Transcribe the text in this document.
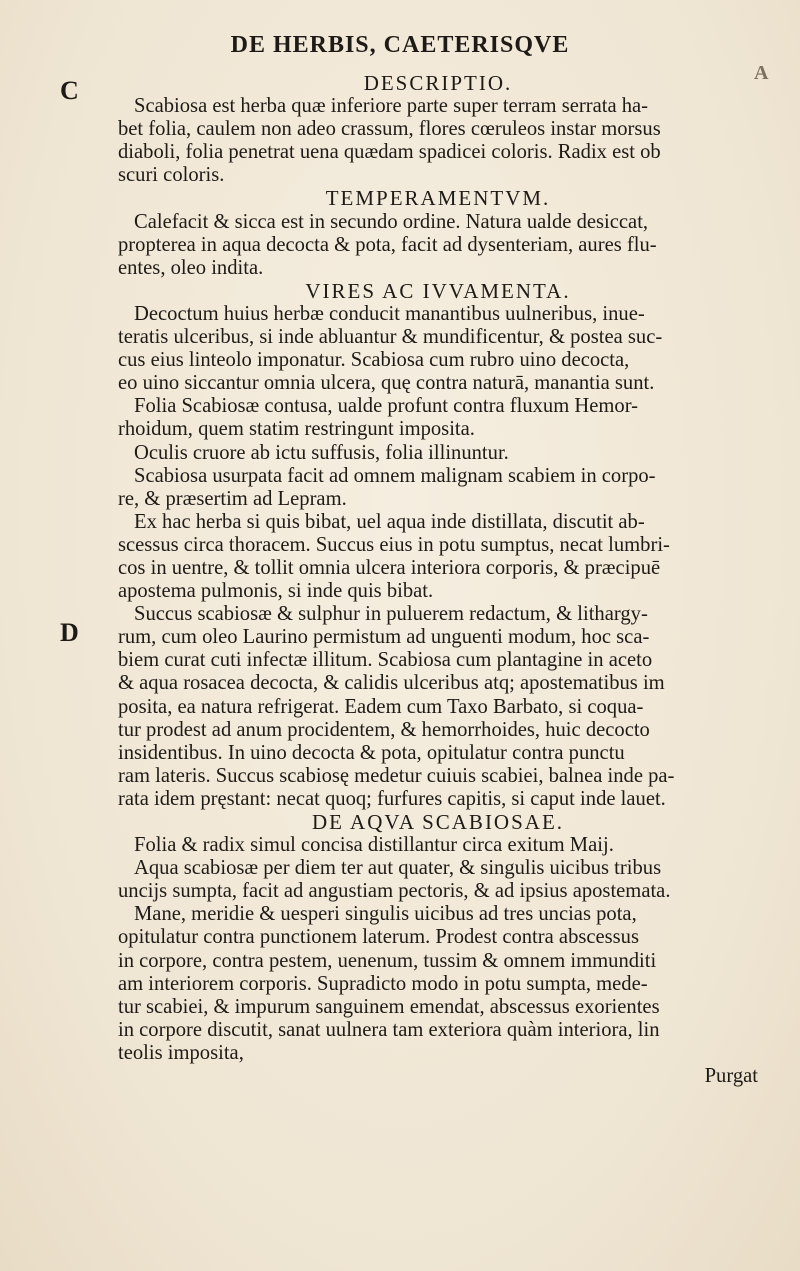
DE HERBIS, CAETERISQVE
C
D
A
DESCRIPTIO.
Scabiosa est herba quæ inferiore parte super terram serrata ha-
bet folia, caulem non adeo crassum, flores cœruleos instar morsus
diaboli, folia penetrat uena quædam spadicei coloris. Radix est ob
scuri coloris.
TEMPERAMENTVM.
Calefacit & sicca est in secundo ordine. Natura ualde desiccat,
propterea in aqua decocta & pota, facit ad dysenteriam, aures flu-
entes, oleo indita.
VIRES AC IVVAMENTA.
Decoctum huius herbæ conducit manantibus uulneribus, inue-
teratis ulceribus, si inde abluantur & mundificentur, & postea suc-
cus eius linteolo imponatur. Scabiosa cum rubro uino decocta,
eo uino siccantur omnia ulcera, quę contra naturā, manantia sunt.
Folia Scabiosæ contusa, ualde profunt contra fluxum Hemor-
rhoidum, quem statim restringunt imposita.
Oculis cruore ab ictu suffusis, folia illinuntur.
Scabiosa usurpata facit ad omnem malignam scabiem in corpo-
re, & præsertim ad Lepram.
Ex hac herba si quis bibat, uel aqua inde distillata, discutit ab-
scessus circa thoracem. Succus eius in potu sumptus, necat lumbri-
cos in uentre, & tollit omnia ulcera interiora corporis, & præcipuē
apostema pulmonis, si inde quis bibat.
Succus scabiosæ & sulphur in puluerem redactum, & lithargy-
rum, cum oleo Laurino permistum ad unguenti modum, hoc sca-
biem curat cuti infectæ illitum. Scabiosa cum plantagine in aceto
& aqua rosacea decocta, & calidis ulceribus atq; apostematibus im
posita, ea natura refrigerat. Eadem cum Taxo Barbato, si coqua-
tur prodest ad anum procidentem, & hemorrhoides, huic decocto
insidentibus. In uino decocta & pota, opitulatur contra punctu
ram lateris. Succus scabiosę medetur cuiuis scabiei, balnea inde pa-
rata idem pręstant: necat quoq; furfures capitis, si caput inde lauet.
DE AQVA SCABIOSAE.
Folia & radix simul concisa distillantur circa exitum Maij.
Aqua scabiosæ per diem ter aut quater, & singulis uicibus tribus
uncijs sumpta, facit ad angustiam pectoris, & ad ipsius apostemata.
Mane, meridie & uesperi singulis uicibus ad tres uncias pota,
opitulatur contra punctionem laterum. Prodest contra abscessus
in corpore, contra pestem, uenenum, tussim & omnem immunditi
am interiorem corporis. Supradicto modo in potu sumpta, mede-
tur scabiei, & impurum sanguinem emendat, abscessus exorientes
in corpore discutit, sanat uulnera tam exteriora quàm interiora, lin
teolis imposita,
Purgat
